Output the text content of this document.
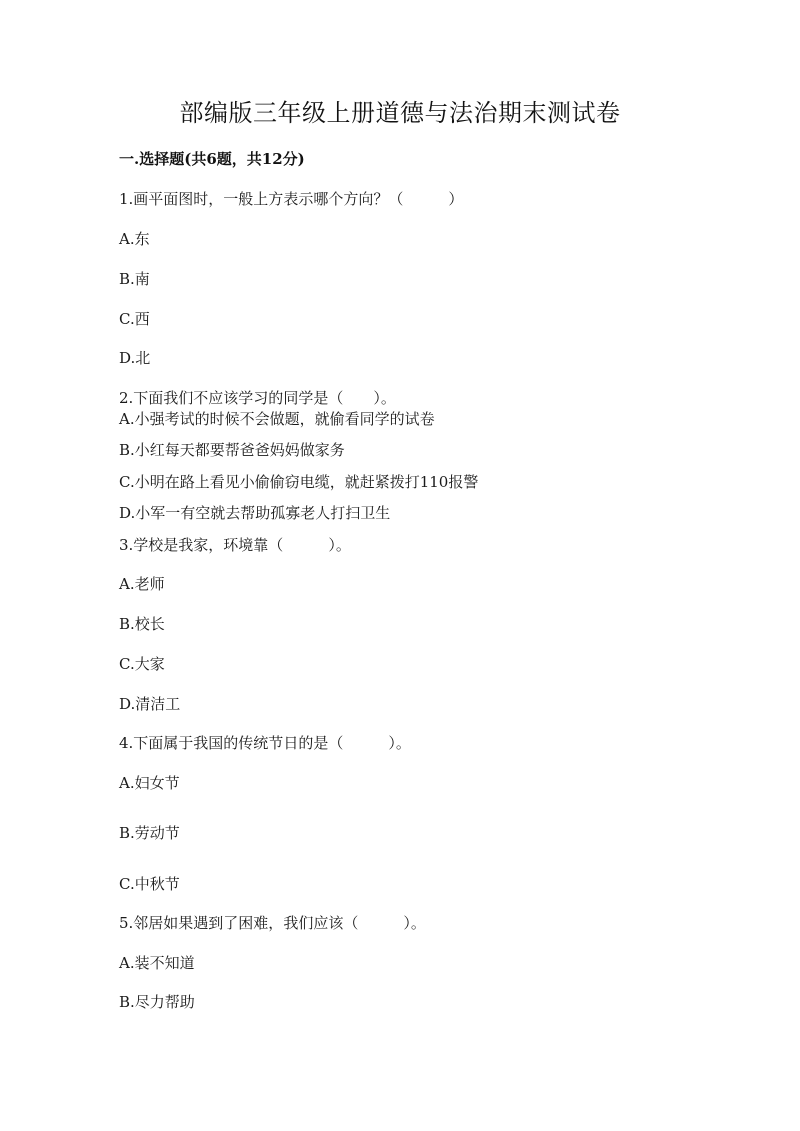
部编版三年级上册道德与法治期末测试卷
一.选择题(共6题，共12分)
1.画平面图时，一般上方表示哪个方向？（　　　）
A.东
B.南
C.西
D.北
2.下面我们不应该学习的同学是（　　）。
A.小强考试的时候不会做题，就偷看同学的试卷
B.小红每天都要帮爸爸妈妈做家务
C.小明在路上看见小偷偷窃电缆，就赶紧拨打110报警
D.小军一有空就去帮助孤寡老人打扫卫生
3.学校是我家，环境靠（　　　）。
A.老师
B.校长
C.大家
D.清洁工
4.下面属于我国的传统节日的是（　　　）。
A.妇女节
B.劳动节
C.中秋节
5.邻居如果遇到了困难，我们应该（　　　）。
A.装不知道
B.尽力帮助
